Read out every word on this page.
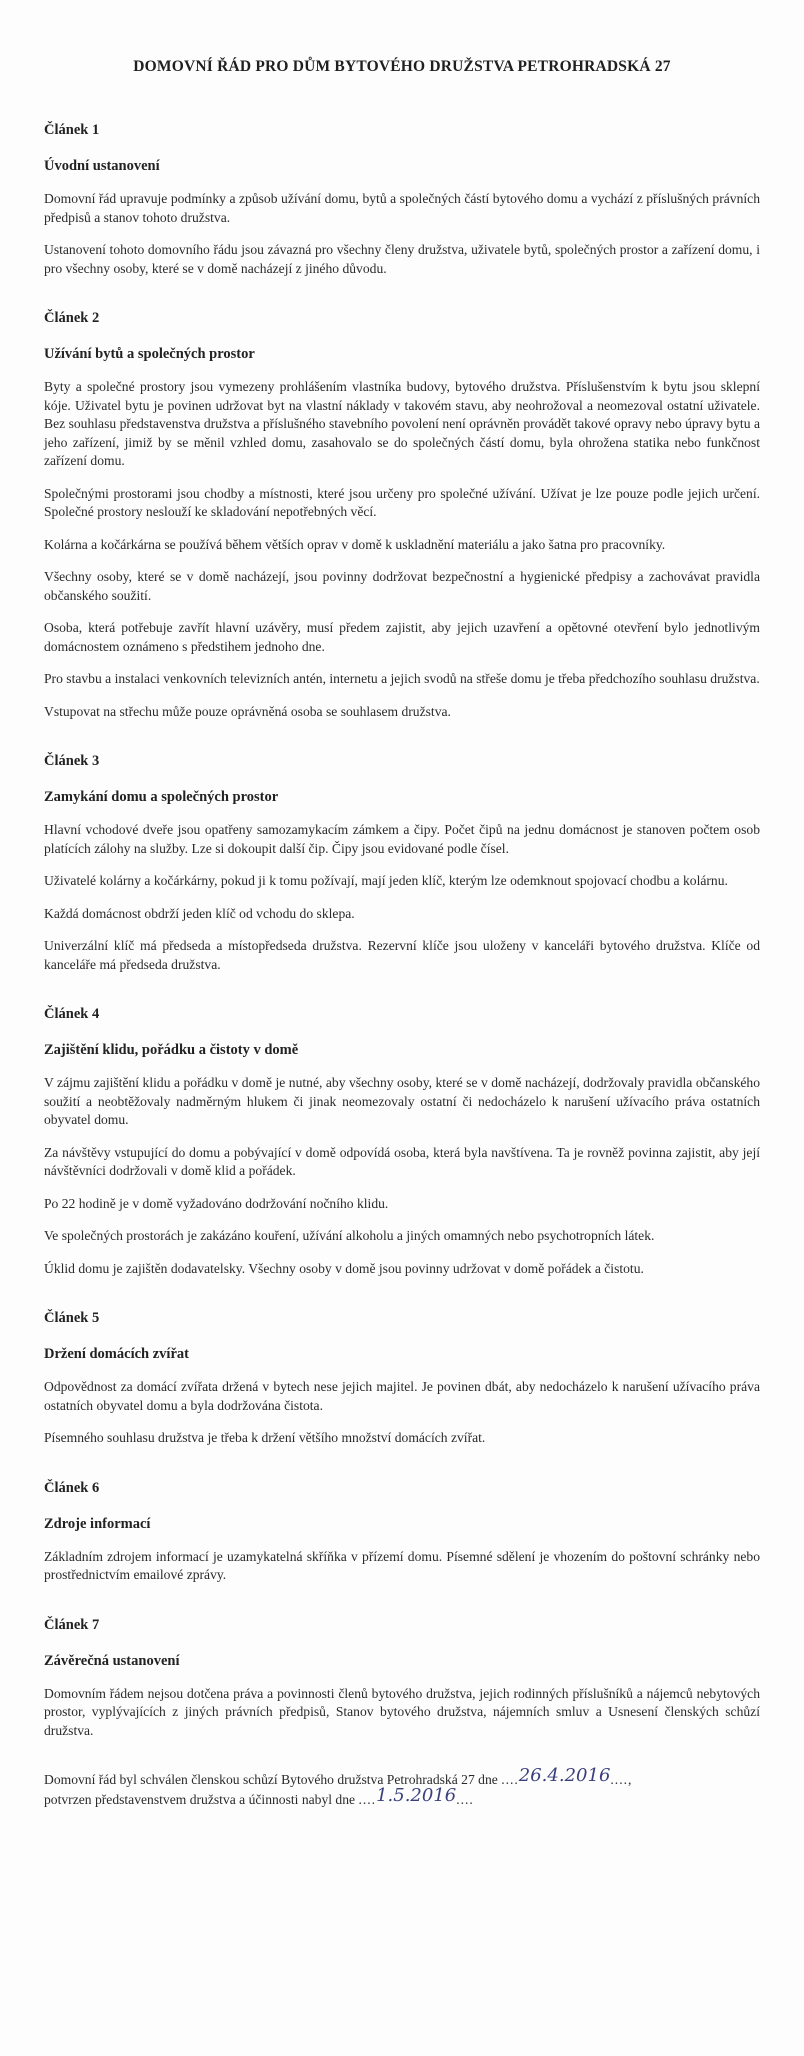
DOMOVNÍ ŘÁD PRO DŮM BYTOVÉHO DRUŽSTVA PETROHRADSKÁ 27
Článek 1
Úvodní ustanovení

Domovní řád upravuje podmínky a způsob užívání domu, bytů a společných částí bytového domu a vychází z příslušných právních předpisů a stanov tohoto družstva.

Ustanovení tohoto domovního řádu jsou závazná pro všechny členy družstva, uživatele bytů, společných prostor a zařízení domu, i pro všechny osoby, které se v domě nacházejí z jiného důvodu.

Článek 2
Užívání bytů a společných prostor

Byty a společné prostory jsou vymezeny prohlášením vlastníka budovy, bytového družstva. Příslušenstvím k bytu jsou sklepní kóje. Uživatel bytu je povinen udržovat byt na vlastní náklady v takovém stavu, aby neohrožoval a neomezoval ostatní uživatele. Bez souhlasu představenstva družstva a příslušného stavebního povolení není oprávněn provádět takové opravy nebo úpravy bytu a jeho zařízení, jimiž by se měnil vzhled domu, zasahovalo se do společných částí domu, byla ohrožena statika nebo funkčnost zařízení domu.

Společnými prostorami jsou chodby a místnosti, které jsou určeny pro společné užívání. Užívat je lze pouze podle jejich určení. Společné prostory neslouží ke skladování nepotřebných věcí.

Kolárna a kočárkárna se používá během větších oprav v domě k uskladnění materiálu a jako šatna pro pracovníky.

Všechny osoby, které se v domě nacházejí, jsou povinny dodržovat bezpečnostní a hygienické předpisy a zachovávat pravidla občanského soužití.

Osoba, která potřebuje zavřít hlavní uzávěry, musí předem zajistit, aby jejich uzavření a opětovné otevření bylo jednotlivým domácnostem oznámeno s předstihem jednoho dne.

Pro stavbu a instalaci venkovních televizních antén, internetu a jejich svodů na střeše domu je třeba předchozího souhlasu družstva.

Vstupovat na střechu může pouze oprávněná osoba se souhlasem družstva.

Článek 3
Zamykání domu a společných prostor

Hlavní vchodové dveře jsou opatřeny samozamykacím zámkem a čipy. Počet čipů na jednu domácnost je stanoven počtem osob platících zálohy na služby. Lze si dokoupit další čip. Čipy jsou evidované podle čísel.

Uživatelé kolárny a kočárkárny, pokud ji k tomu požívají, mají jeden klíč, kterým lze odemknout spojovací chodbu a kolárnu.

Každá domácnost obdrží jeden klíč od vchodu do sklepa.

Univerzální klíč má předseda a místopředseda družstva. Rezervní klíče jsou uloženy v kanceláři bytového družstva. Klíče od kanceláře má předseda družstva.

Článek 4
Zajištění klidu, pořádku a čistoty v domě

V zájmu zajištění klidu a pořádku v domě je nutné, aby všechny osoby, které se v domě nacházejí, dodržovaly pravidla občanského soužití a neobtěžovaly nadměrným hlukem či jinak neomezovaly ostatní či nedocházelo k narušení užívacího práva ostatních obyvatel domu.

Za návštěvy vstupující do domu a pobývající v domě odpovídá osoba, která byla navštívena. Ta je rovněž povinna zajistit, aby její návštěvníci dodržovali v domě klid a pořádek.

Po 22 hodině je v domě vyžadováno dodržování nočního klidu.

Ve společných prostorách je zakázáno kouření, užívání alkoholu a jiných omamných nebo psychotropních látek.

Úklid domu je zajištěn dodavatelsky. Všechny osoby v domě jsou povinny udržovat v domě pořádek a čistotu.

Článek 5
Držení domácích zvířat

Odpovědnost za domácí zvířata držená v bytech nese jejich majitel. Je povinen dbát, aby nedocházelo k narušení užívacího práva ostatních obyvatel domu a byla dodržována čistota.

Písemného souhlasu družstva je třeba k držení většího množství domácích zvířat.

Článek 6
Zdroje informací

Základním zdrojem informací je uzamykatelná skříňka v přízemí domu. Písemné sdělení je vhozením do poštovní schránky nebo prostřednictvím emailové zprávy.

Článek 7
Závěrečná ustanovení

Domovním řádem nejsou dotčena práva a povinnosti členů bytového družstva, jejich rodinných příslušníků a nájemců nebytových prostor, vyplývajících z jiných právních předpisů, Stanov bytového družstva, nájemních smluv a Usnesení členských schůzí družstva.

Domovní řád byl schválen členskou schůzí Bytového družstva Petrohradská 27 dne ....26.4.2016....,
potvrzen představenstvem družstva a účinnosti nabyl dne ....1.5.2016....
